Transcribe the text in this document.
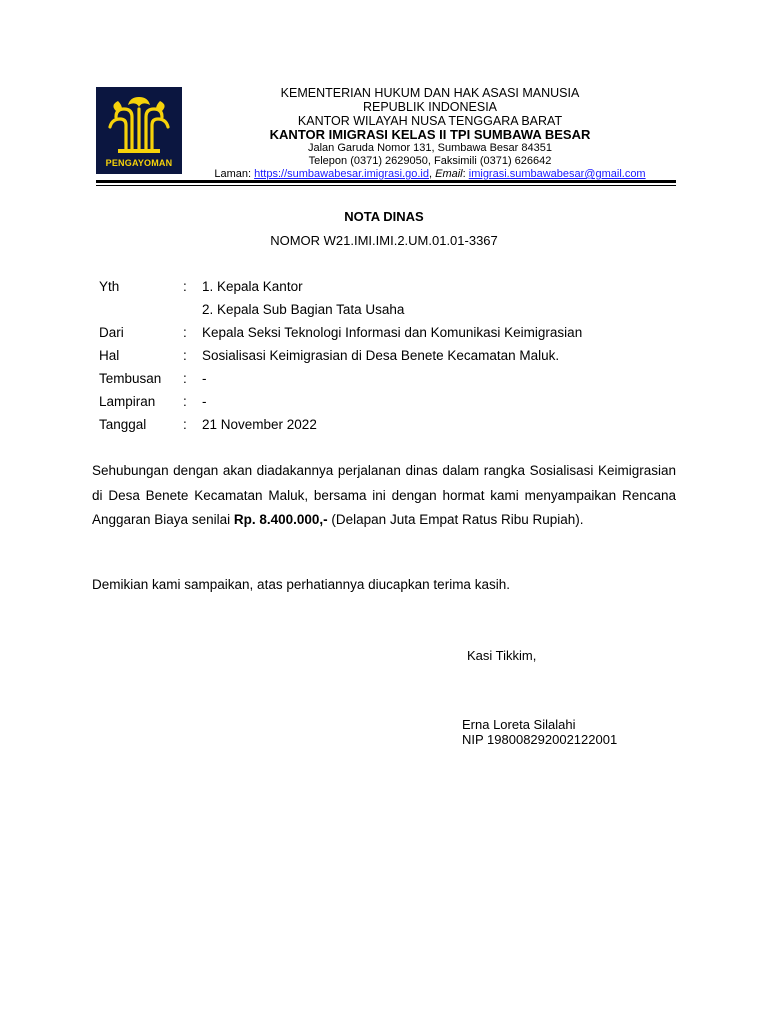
PENGAYOMAN
KEMENTERIAN HUKUM DAN HAK ASASI MANUSIA
REPUBLIK INDONESIA
KANTOR WILAYAH NUSA TENGGARA BARAT
KANTOR IMIGRASI KELAS II TPI SUMBAWA BESAR
Jalan Garuda Nomor 131, Sumbawa Besar 84351
Telepon (0371) 2629050, Faksimili (0371) 626642
Laman: https://sumbawabesar.imigrasi.go.id, Email: imigrasi.sumbawabesar@gmail.com
NOTA DINAS
NOMOR W21.IMI.IMI.2.UM.01.01-3367
Yth	: 1. Kepala Kantor
2. Kepala Sub Bagian Tata Usaha
Dari	: Kepala Seksi Teknologi Informasi dan Komunikasi Keimigrasian
Hal	: Sosialisasi Keimigrasian di Desa Benete Kecamatan Maluk.
Tembusan : -
Lampiran : -
Tanggal	: 21 November 2022
Sehubungan dengan akan diadakannya perjalanan dinas dalam rangka Sosialisasi Keimigrasian di Desa Benete Kecamatan Maluk, bersama ini dengan hormat kami menyampaikan Rencana Anggaran Biaya senilai Rp. 8.400.000,- (Delapan Juta Empat Ratus Ribu Rupiah).
Demikian kami sampaikan, atas perhatiannya diucapkan terima kasih.
Kasi Tikkim,
Erna Loreta Silalahi
NIP 198008292002122001
